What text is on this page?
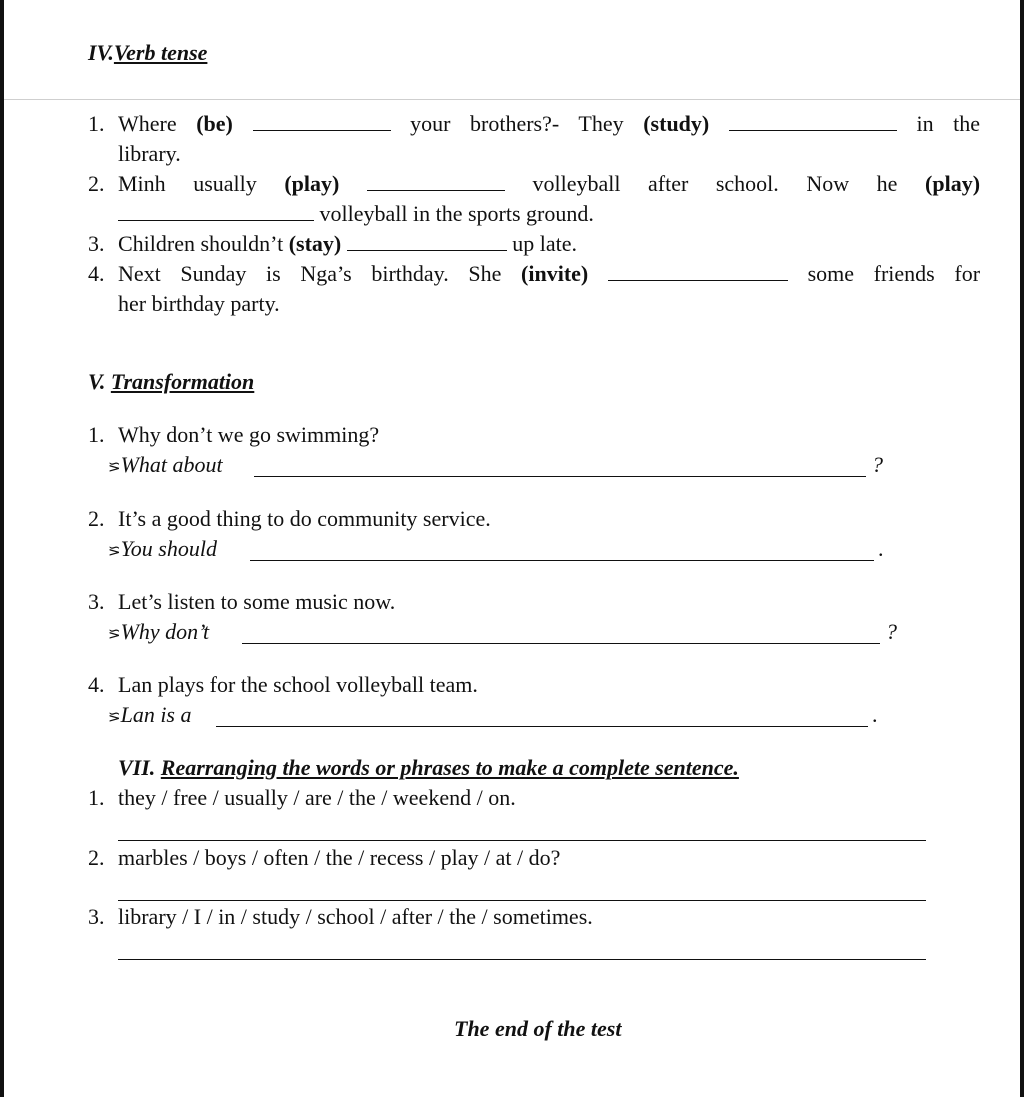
IV.Verb tense
1. Where (be)	your brothers?- They (study)	in the
library.
2. Minh usually (play)	volleyball after school. Now he (play)
volleyball in the sports ground.
3. Children shouldn’t (stay)	up late.
4. Next Sunday is Nga’s birthday. She (invite)	some friends for
her birthday party.
V. Transformation
1. Why don’t we go swimming?
⪞What about	?
2. It’s a good thing to do community service.
⪞You should	.
3. Let’s listen to some music now.
⪞Why don’t	?
4. Lan plays for the school volleyball team.
⪞Lan is a	.
VII. Rearranging the words or phrases to make a complete sentence.
1. they / free / usually / are / the / weekend / on.
2. marbles / boys / often / the / recess / play / at / do?
3. library / I / in / study / school / after / the / sometimes.
The end of the test
